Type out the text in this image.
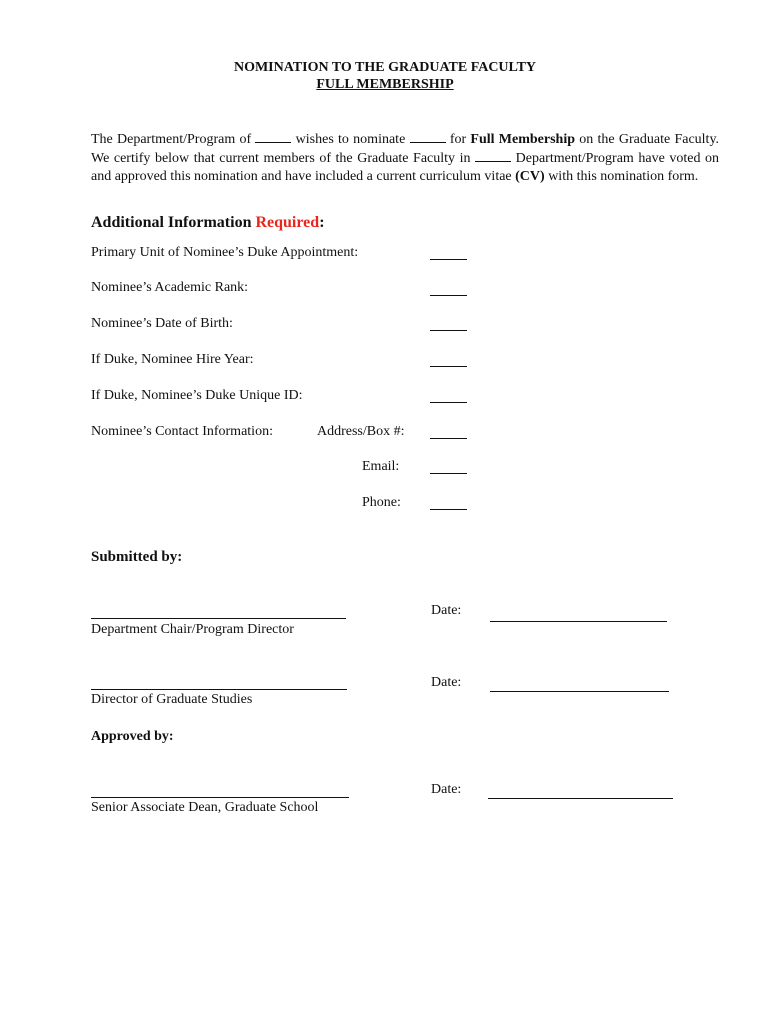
NOMINATION TO THE GRADUATE FACULTY
FULL MEMBERSHIP
The Department/Program of	wishes to nominate	for Full Membership on the Graduate Faculty. We certify below that current members of the Graduate Faculty in	Department/Program have voted on and approved this nomination and have included a current curriculum vitae (CV) with this nomination form.
Additional Information Required:
Primary Unit of Nominee’s Duke Appointment:
Nominee’s Academic Rank:
Nominee’s Date of Birth:
If Duke, Nominee Hire Year:
If Duke, Nominee’s Duke Unique ID:
Nominee’s Contact Information:	Address/Box #:
Email:
Phone:
Submitted by:
Date:
Department Chair/Program Director
Date:
Director of Graduate Studies
Approved by:
Date:
Senior Associate Dean, Graduate School
